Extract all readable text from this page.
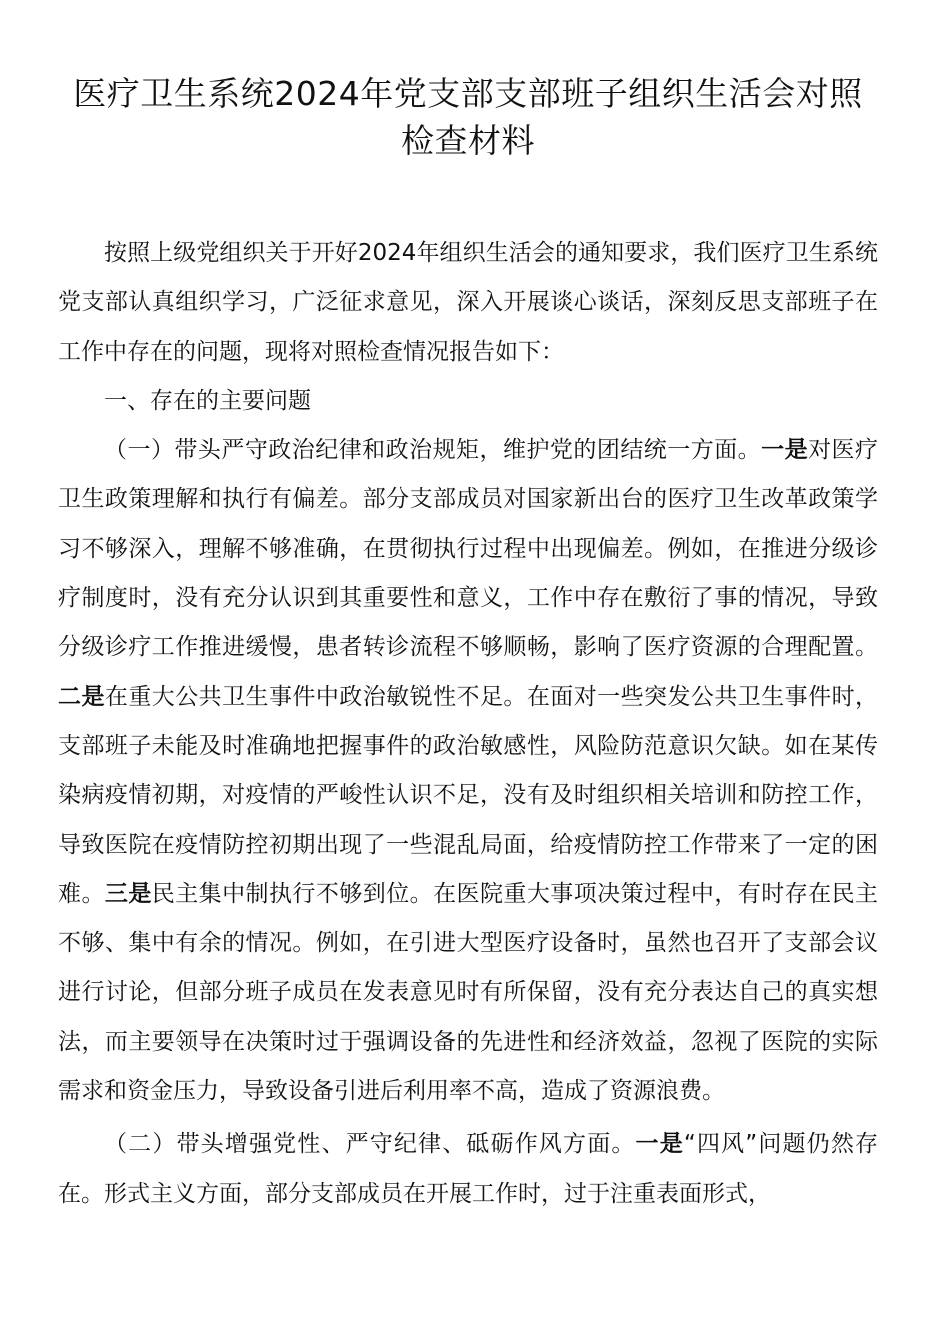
医疗卫生系统2024年党支部支部班子组织生活会对照检查材料

按照上级党组织关于开好2024年组织生活会的通知要求，我们医疗卫生系统党支部认真组织学习，广泛征求意见，深入开展谈心谈话，深刻反思支部班子在工作中存在的问题，现将对照检查情况报告如下：

一、存在的主要问题

（一）带头严守政治纪律和政治规矩，维护党的团结统一方面。一是对医疗卫生政策理解和执行有偏差。部分支部成员对国家新出台的医疗卫生改革政策学习不够深入，理解不够准确，在贯彻执行过程中出现偏差。例如，在推进分级诊疗制度时，没有充分认识到其重要性和意义，工作中存在敷衍了事的情况，导致分级诊疗工作推进缓慢，患者转诊流程不够顺畅，影响了医疗资源的合理配置。二是在重大公共卫生事件中政治敏锐性不足。在面对一些突发公共卫生事件时，支部班子未能及时准确地把握事件的政治敏感性，风险防范意识欠缺。如在某传染病疫情初期，对疫情的严峻性认识不足，没有及时组织相关培训和防控工作，导致医院在疫情防控初期出现了一些混乱局面，给疫情防控工作带来了一定的困难。三是民主集中制执行不够到位。在医院重大事项决策过程中，有时存在民主不够、集中有余的情况。例如，在引进大型医疗设备时，虽然也召开了支部会议进行讨论，但部分班子成员在发表意见时有所保留，没有充分表达自己的真实想法，而主要领导在决策时过于强调设备的先进性和经济效益，忽视了医院的实际需求和资金压力，导致设备引进后利用率不高，造成了资源浪费。

（二）带头增强党性、严守纪律、砥砺作风方面。一是“四风”问题仍然存在。形式主义方面，部分支部成员在开展工作时，过于注重表面形式，
